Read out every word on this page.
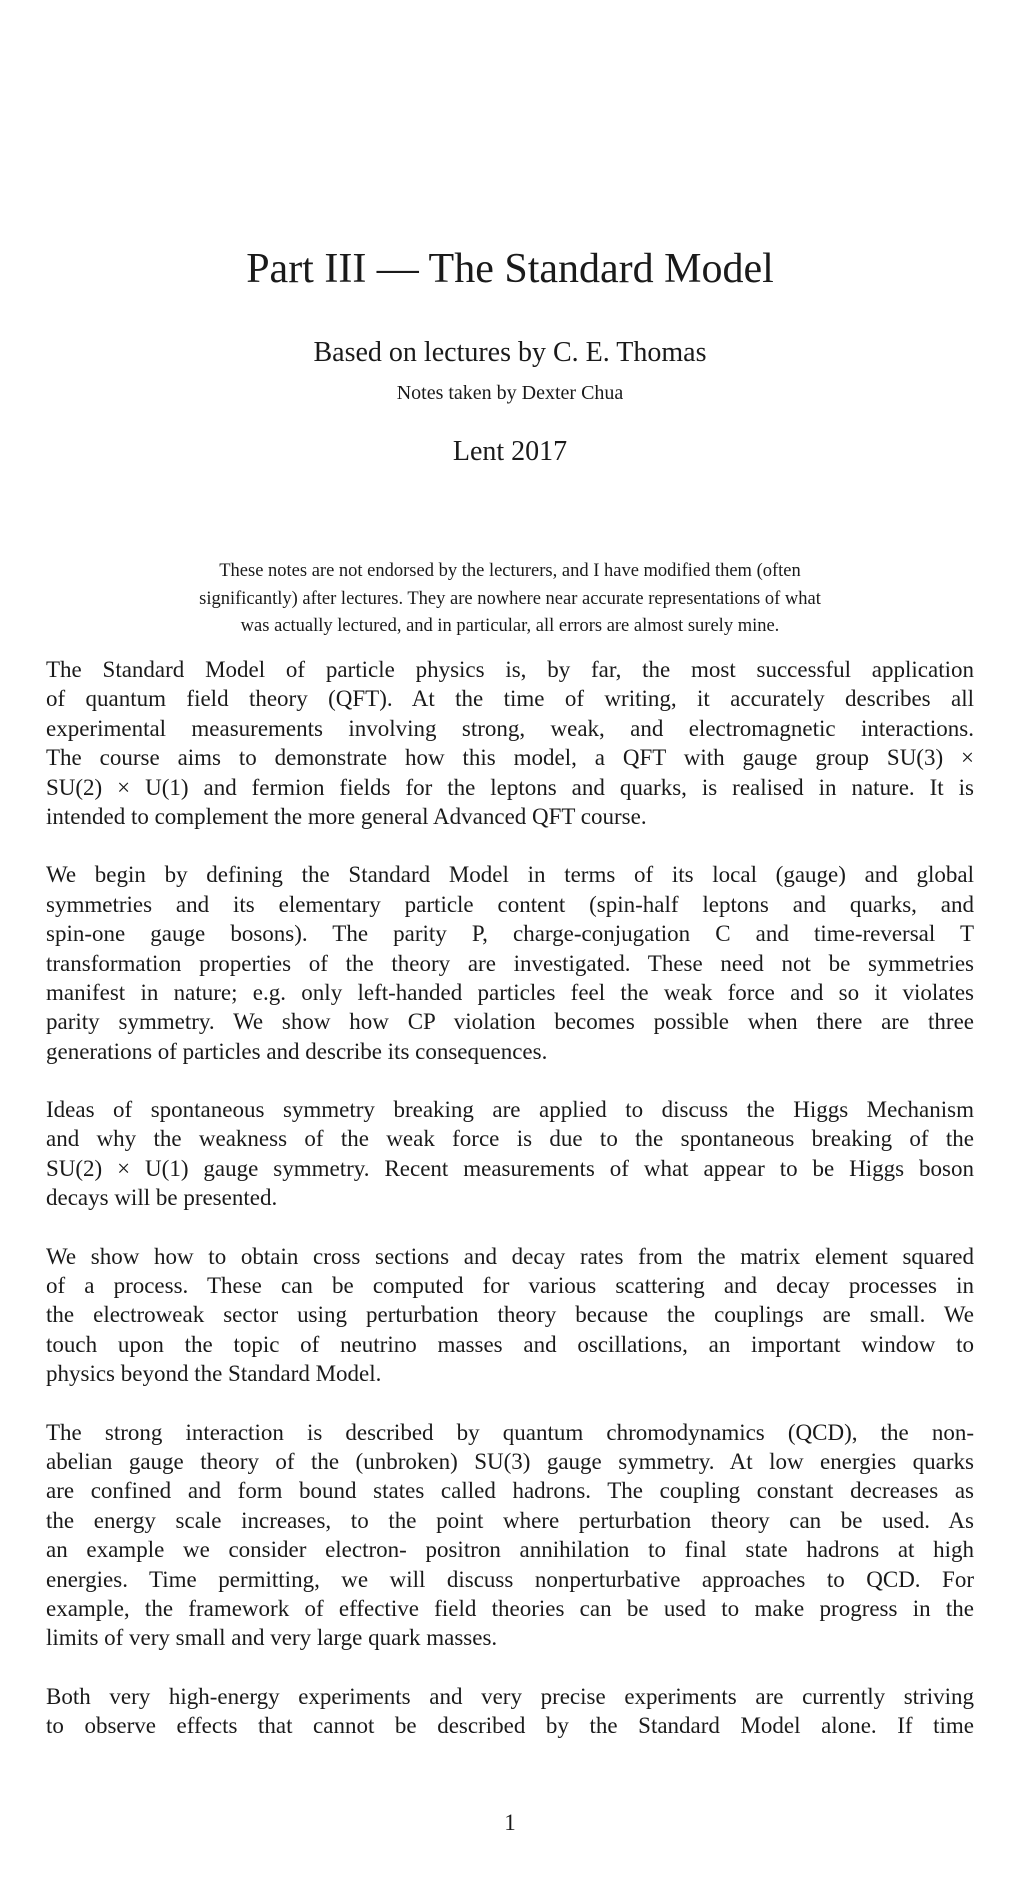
Part III — The Standard Model
Based on lectures by C. E. Thomas
Notes taken by Dexter Chua
Lent 2017
These notes are not endorsed by the lecturers, and I have modified them (often
significantly) after lectures. They are nowhere near accurate representations of what
was actually lectured, and in particular, all errors are almost surely mine.
The Standard Model of particle physics is, by far, the most successful application
of quantum field theory (QFT). At the time of writing, it accurately describes all
experimental measurements involving strong, weak, and electromagnetic interactions.
The course aims to demonstrate how this model, a QFT with gauge group SU(3) ×
SU(2) × U(1) and fermion fields for the leptons and quarks, is realised in nature. It is
intended to complement the more general Advanced QFT course.
We begin by defining the Standard Model in terms of its local (gauge) and global
symmetries and its elementary particle content (spin-half leptons and quarks, and
spin-one gauge bosons). The parity P, charge-conjugation C and time-reversal T
transformation properties of the theory are investigated. These need not be symmetries
manifest in nature; e.g. only left-handed particles feel the weak force and so it violates
parity symmetry. We show how CP violation becomes possible when there are three
generations of particles and describe its consequences.
Ideas of spontaneous symmetry breaking are applied to discuss the Higgs Mechanism
and why the weakness of the weak force is due to the spontaneous breaking of the
SU(2) × U(1) gauge symmetry. Recent measurements of what appear to be Higgs boson
decays will be presented.
We show how to obtain cross sections and decay rates from the matrix element squared
of a process. These can be computed for various scattering and decay processes in
the electroweak sector using perturbation theory because the couplings are small. We
touch upon the topic of neutrino masses and oscillations, an important window to
physics beyond the Standard Model.
The strong interaction is described by quantum chromodynamics (QCD), the non-
abelian gauge theory of the (unbroken) SU(3) gauge symmetry. At low energies quarks
are confined and form bound states called hadrons. The coupling constant decreases as
the energy scale increases, to the point where perturbation theory can be used. As
an example we consider electron- positron annihilation to final state hadrons at high
energies. Time permitting, we will discuss nonperturbative approaches to QCD. For
example, the framework of effective field theories can be used to make progress in the
limits of very small and very large quark masses.
Both very high-energy experiments and very precise experiments are currently striving
to observe effects that cannot be described by the Standard Model alone. If time
1
